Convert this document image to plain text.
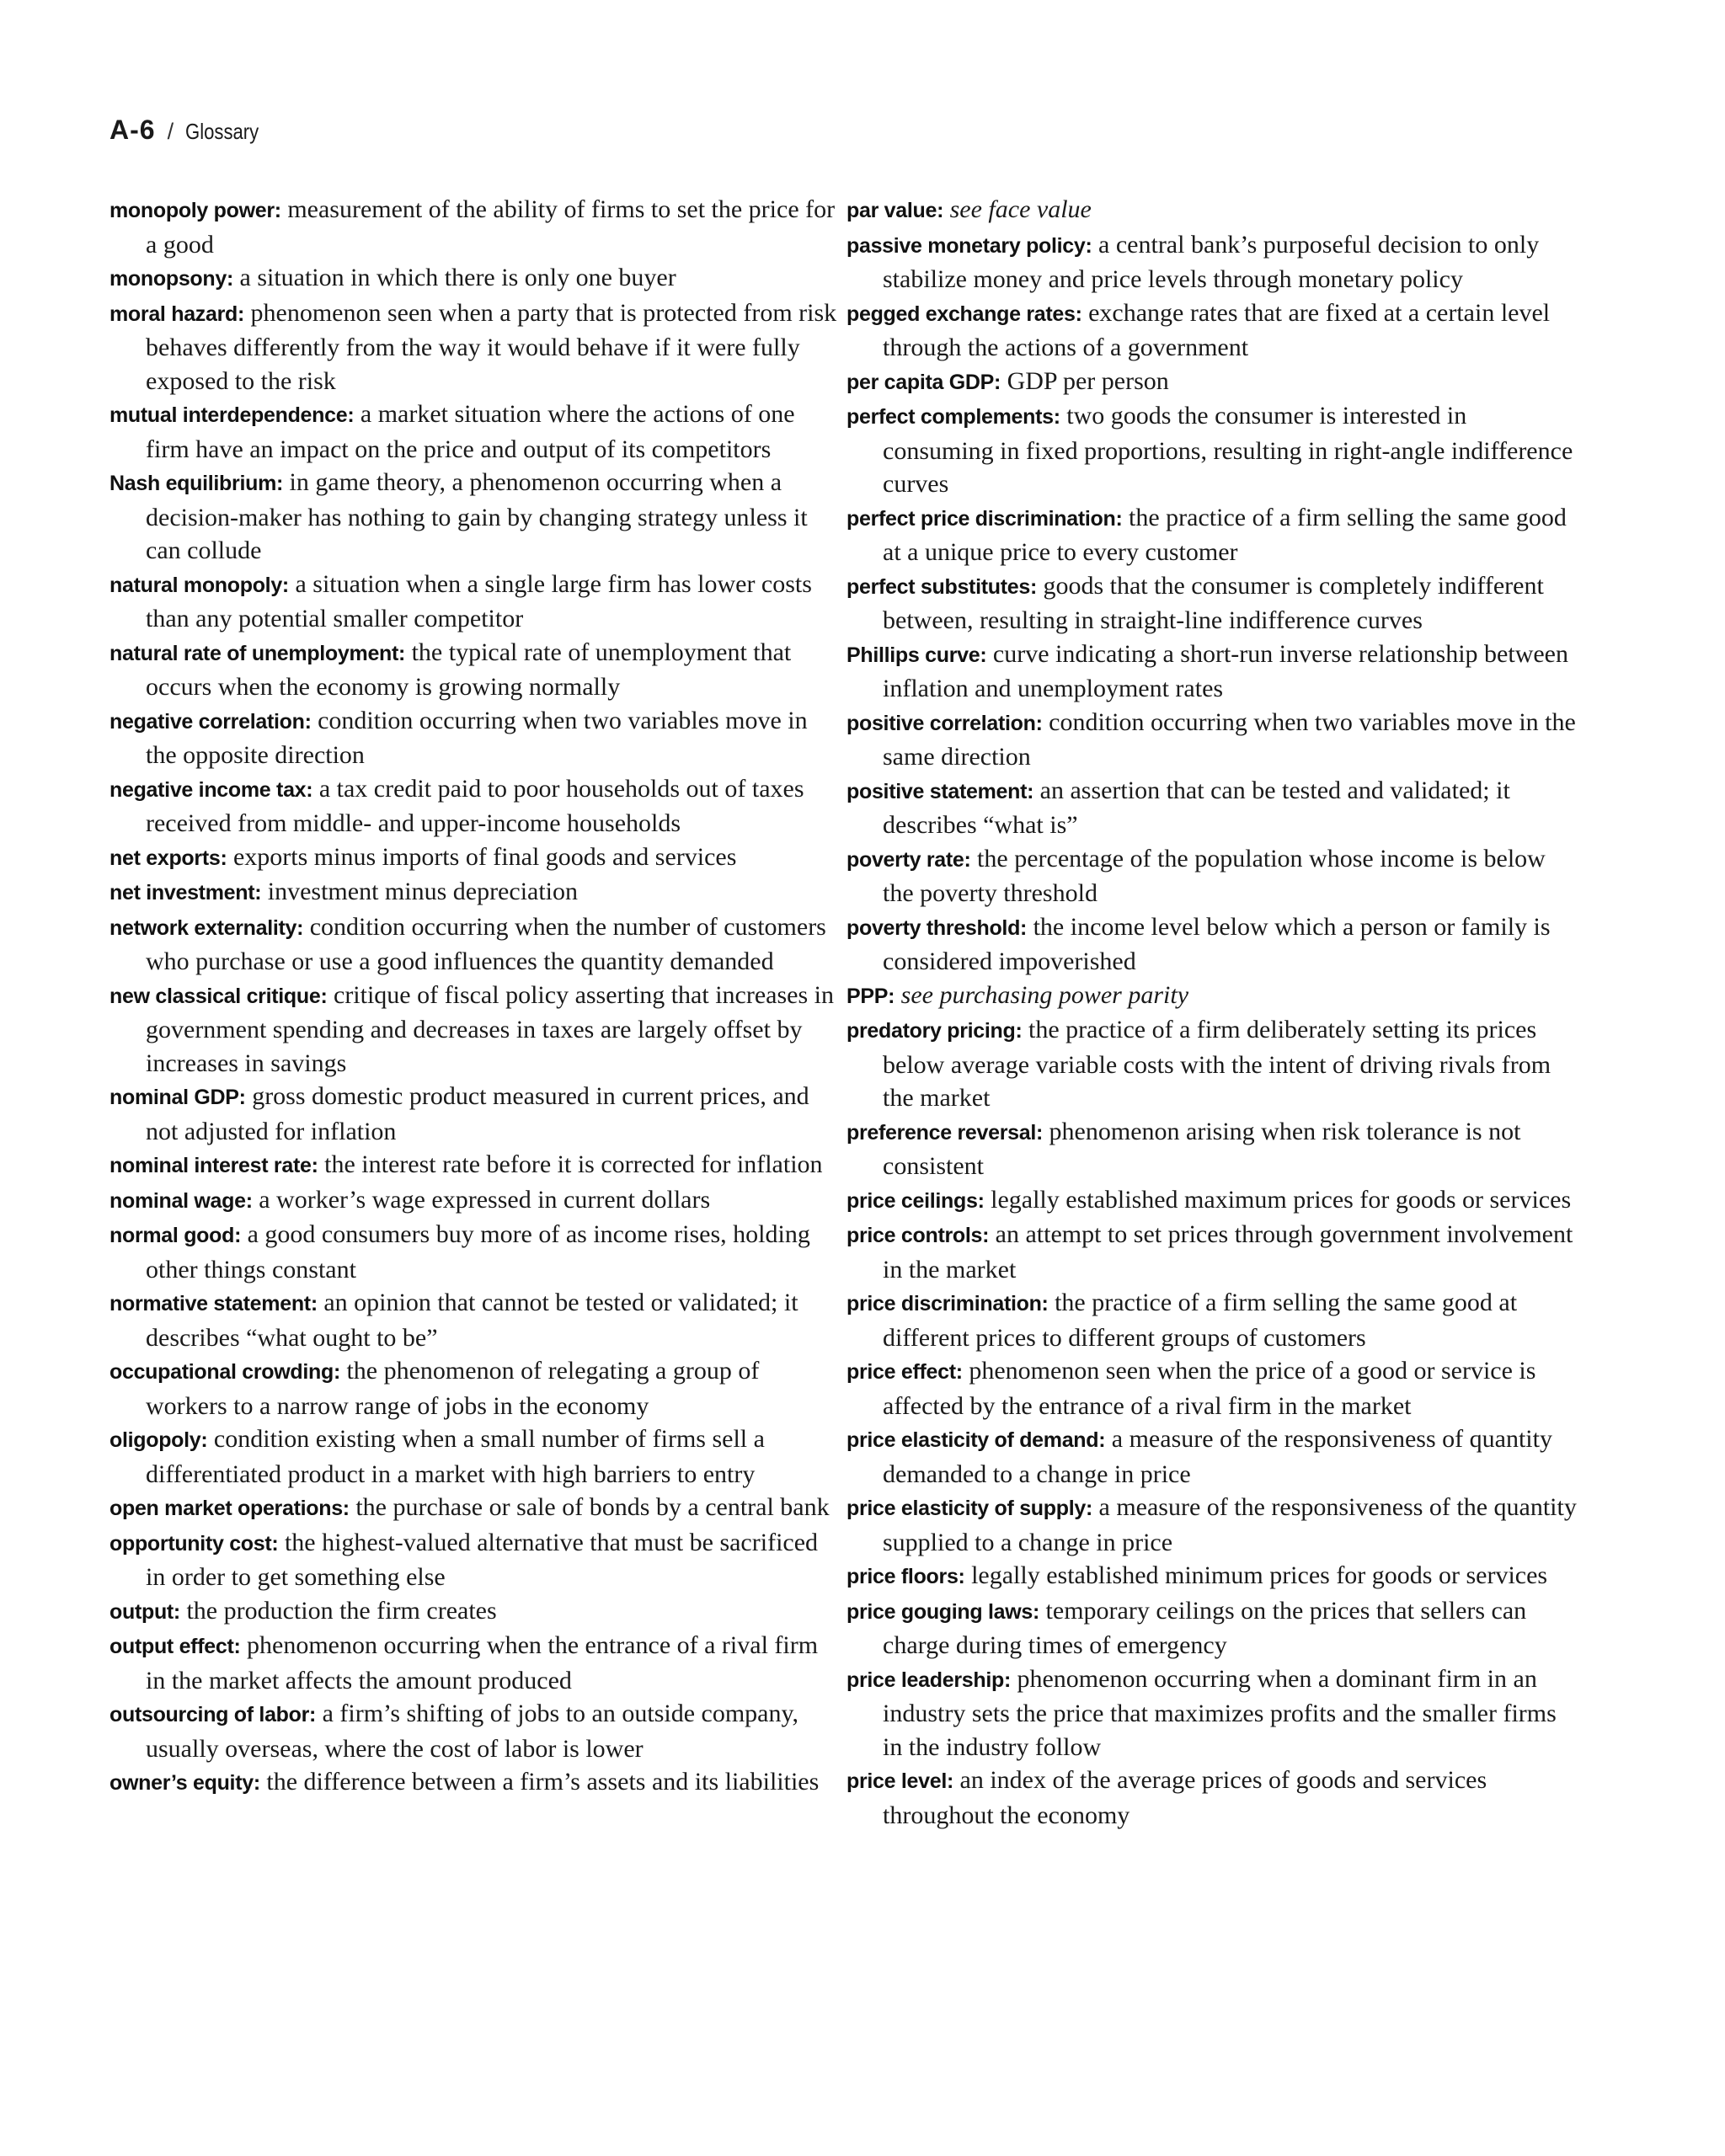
A-6 / Glossary

monopoly power: measurement of the ability of firms to set the price for a good

monopsony: a situation in which there is only one buyer

moral hazard: phenomenon seen when a party that is protected from risk behaves differently from the way it would behave if it were fully exposed to the risk

mutual interdependence: a market situation where the actions of one firm have an impact on the price and output of its competitors

Nash equilibrium: in game theory, a phenomenon occurring when a decision-maker has nothing to gain by changing strategy unless it can collude

natural monopoly: a situation when a single large firm has lower costs than any potential smaller competitor

natural rate of unemployment: the typical rate of unemployment that occurs when the economy is growing normally

negative correlation: condition occurring when two variables move in the opposite direction

negative income tax: a tax credit paid to poor households out of taxes received from middle- and upper-income households

net exports: exports minus imports of final goods and services

net investment: investment minus depreciation

network externality: condition occurring when the number of customers who purchase or use a good influences the quantity demanded

new classical critique: critique of fiscal policy asserting that increases in government spending and decreases in taxes are largely offset by increases in savings

nominal GDP: gross domestic product measured in current prices, and not adjusted for inflation

nominal interest rate: the interest rate before it is corrected for inflation

nominal wage: a worker’s wage expressed in current dollars

normal good: a good consumers buy more of as income rises, holding other things constant

normative statement: an opinion that cannot be tested or validated; it describes “what ought to be”

occupational crowding: the phenomenon of relegating a group of workers to a narrow range of jobs in the economy

oligopoly: condition existing when a small number of firms sell a differentiated product in a market with high barriers to entry

open market operations: the purchase or sale of bonds by a central bank

opportunity cost: the highest-valued alternative that must be sacrificed in order to get something else

output: the production the firm creates

output effect: phenomenon occurring when the entrance of a rival firm in the market affects the amount produced

outsourcing of labor: a firm’s shifting of jobs to an outside company, usually overseas, where the cost of labor is lower

owner’s equity: the difference between a firm’s assets and its liabilities

par value: see face value

passive monetary policy: a central bank’s purposeful decision to only stabilize money and price levels through monetary policy

pegged exchange rates: exchange rates that are fixed at a certain level through the actions of a government

per capita GDP: GDP per person

perfect complements: two goods the consumer is interested in consuming in fixed proportions, resulting in right-angle indifference curves

perfect price discrimination: the practice of a firm selling the same good at a unique price to every customer

perfect substitutes: goods that the consumer is completely indifferent between, resulting in straight-line indifference curves

Phillips curve: curve indicating a short-run inverse relationship between inflation and unemployment rates

positive correlation: condition occurring when two variables move in the same direction

positive statement: an assertion that can be tested and validated; it describes “what is”

poverty rate: the percentage of the population whose income is below the poverty threshold

poverty threshold: the income level below which a person or family is considered impoverished

PPP: see purchasing power parity

predatory pricing: the practice of a firm deliberately setting its prices below average variable costs with the intent of driving rivals from the market

preference reversal: phenomenon arising when risk tolerance is not consistent

price ceilings: legally established maximum prices for goods or services

price controls: an attempt to set prices through government involvement in the market

price discrimination: the practice of a firm selling the same good at different prices to different groups of customers

price effect: phenomenon seen when the price of a good or service is affected by the entrance of a rival firm in the market

price elasticity of demand: a measure of the responsiveness of quantity demanded to a change in price

price elasticity of supply: a measure of the responsiveness of the quantity supplied to a change in price

price floors: legally established minimum prices for goods or services

price gouging laws: temporary ceilings on the prices that sellers can charge during times of emergency

price leadership: phenomenon occurring when a dominant firm in an industry sets the price that maximizes profits and the smaller firms in the industry follow

price level: an index of the average prices of goods and services throughout the economy
